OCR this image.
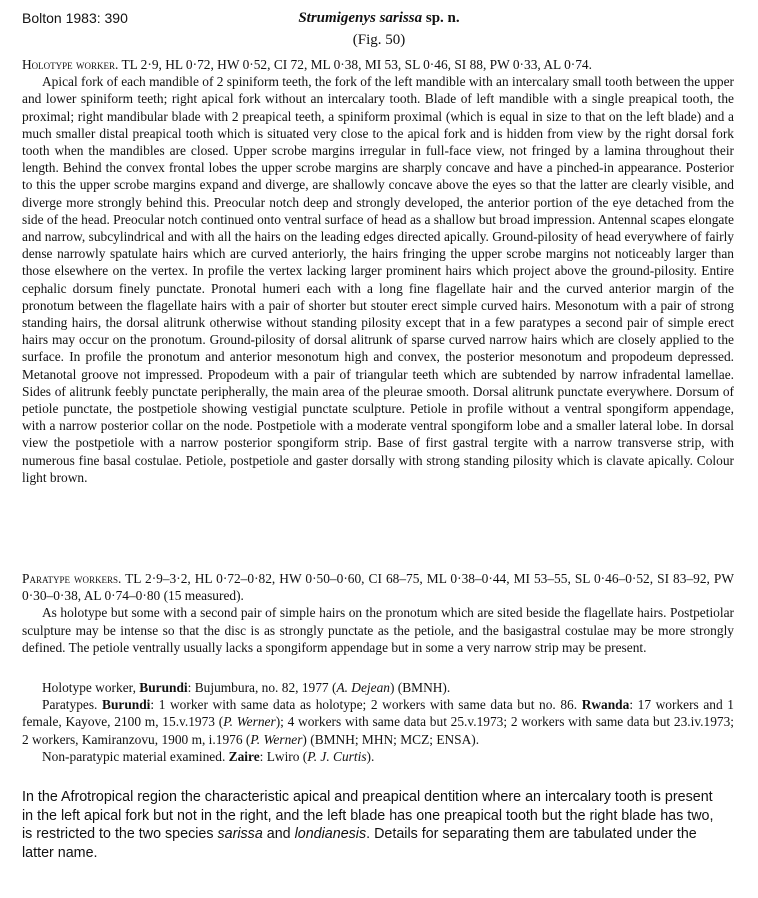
Bolton 1983: 390	Strumigenys sarissa sp. n.
(Fig. 50)

Holotype worker. TL 2·9, HL 0·72, HW 0·52, CI 72, ML 0·38, MI 53, SL 0·46, SI 88, PW 0·33, AL 0·74.

Apical fork of each mandible of 2 spiniform teeth, the fork of the left mandible with an intercalary small tooth between the upper and lower spiniform teeth; right apical fork without an intercalary tooth. Blade of left mandible with a single preapical tooth, the proximal; right mandibular blade with 2 preapical teeth, a spiniform proximal (which is equal in size to that on the left blade) and a much smaller distal preapical tooth which is situated very close to the apical fork and is hidden from view by the right dorsal fork tooth when the mandibles are closed. Upper scrobe margins irregular in full-face view, not fringed by a lamina throughout their length. Behind the convex frontal lobes the upper scrobe margins are sharply concave and have a pinched-in appearance. Posterior to this the upper scrobe margins expand and diverge, are shallowly concave above the eyes so that the latter are clearly visible, and diverge more strongly behind this. Preocular notch deep and strongly developed, the anterior portion of the eye detached from the side of the head. Preocular notch continued onto ventral surface of head as a shallow but broad impression. Antennal scapes elongate and narrow, subcylindrical and with all the hairs on the leading edges directed apically. Ground-pilosity of head everywhere of fairly dense narrowly spatulate hairs which are curved anteriorly, the hairs fringing the upper scrobe margins not noticeably larger than those elsewhere on the vertex. In profile the vertex lacking larger prominent hairs which project above the ground-pilosity. Entire cephalic dorsum finely punctate. Pronotal humeri each with a long fine flagellate hair and the curved anterior margin of the pronotum between the flagellate hairs with a pair of shorter but stouter erect simple curved hairs. Mesonotum with a pair of strong standing hairs, the dorsal alitrunk otherwise without standing pilosity except that in a few paratypes a second pair of simple erect hairs may occur on the pronotum. Ground-pilosity of dorsal alitrunk of sparse curved narrow hairs which are closely applied to the surface. In profile the pronotum and anterior mesonotum high and convex, the posterior mesonotum and propodeum depressed. Metanotal groove not impressed. Propodeum with a pair of triangular teeth which are subtended by narrow infradental lamellae. Sides of alitrunk feebly punctate peripherally, the main area of the pleurae smooth. Dorsal alitrunk punctate everywhere. Dorsum of petiole punctate, the postpetiole showing vestigial punctate sculpture. Petiole in profile without a ventral spongiform appendage, with a narrow posterior collar on the node. Postpetiole with a moderate ventral spongiform lobe and a smaller lateral lobe. In dorsal view the postpetiole with a narrow posterior spongiform strip. Base of first gastral tergite with a narrow transverse strip, with numerous fine basal costulae. Petiole, postpetiole and gaster dorsally with strong standing pilosity which is clavate apically. Colour light brown.

Paratype workers. TL 2·9–3·2, HL 0·72–0·82, HW 0·50–0·60, CI 68–75, ML 0·38–0·44, MI 53–55, SL 0·46–0·52, SI 83–92, PW 0·30–0·38, AL 0·74–0·80 (15 measured).

As holotype but some with a second pair of simple hairs on the pronotum which are sited beside the flagellate hairs. Postpetiolar sculpture may be intense so that the disc is as strongly punctate as the petiole, and the basigastral costulae may be more strongly defined. The petiole ventrally usually lacks a spongiform appendage but in some a very narrow strip may be present.

Holotype worker, Burundi: Bujumbura, no. 82, 1977 (A. Dejean) (BMNH).

Paratypes. Burundi: 1 worker with same data as holotype; 2 workers with same data but no. 86. Rwanda: 17 workers and 1 female, Kayove, 2100 m, 15.v.1973 (P. Werner); 4 workers with same data but 25.v.1973; 2 workers with same data but 23.iv.1973; 2 workers, Kamiranzovu, 1900 m, i.1976 (P. Werner) (BMNH; MHN; MCZ; ENSA).

Non-paratypic material examined. Zaire: Lwiro (P. J. Curtis).

In the Afrotropical region the characteristic apical and preapical dentition where an intercalary tooth is present in the left apical fork but not in the right, and the left blade has one preapical tooth but the right blade has two, is restricted to the two species sarissa and londianesis. Details for separating them are tabulated under the latter name.
